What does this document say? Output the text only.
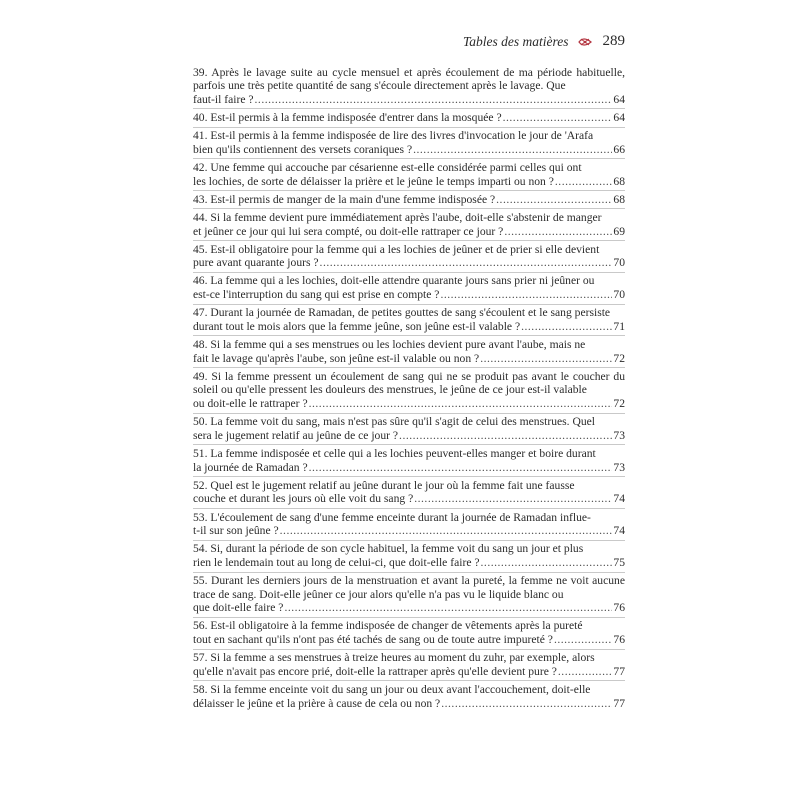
Tables des matières 289
39. Après le lavage suite au cycle mensuel et après écoulement de ma période habituelle, parfois une très petite quantité de sang s'écoule directement après le lavage. Que
faut-il faire ? .....	64
40. Est-il permis à la femme indisposée d'entrer dans la mosquée ? .....	64
41. Est-il permis à la femme indisposée de lire des livres d'invocation le jour de 'Arafa
bien qu'ils contiennent des versets coraniques ? .....	66
42. Une femme qui accouche par césarienne est-elle considérée parmi celles qui ont
les lochies, de sorte de délaisser la prière et le jeûne le temps imparti ou non ? .....	68
43. Est-il permis de manger de la main d'une femme indisposée ? .....	68
44. Si la femme devient pure immédiatement après l'aube, doit-elle s'abstenir de manger
et jeûner ce jour qui lui sera compté, ou doit-elle rattraper ce jour ? .....	69
45. Est-il obligatoire pour la femme qui a les lochies de jeûner et de prier si elle devient
pure avant quarante jours ? .....	70
46. La femme qui a les lochies, doit-elle attendre quarante jours sans prier ni jeûner ou
est-ce l'interruption du sang qui est prise en compte ? .....	70
47. Durant la journée de Ramadan, de petites gouttes de sang s'écoulent et le sang persiste
durant tout le mois alors que la femme jeûne, son jeûne est-il valable ? .....	71
48. Si la femme qui a ses menstrues ou les lochies devient pure avant l'aube, mais ne
fait le lavage qu'après l'aube, son jeûne est-il valable ou non ? .....	72
49. Si la femme pressent un écoulement de sang qui ne se produit pas avant le coucher du soleil ou qu'elle pressent les douleurs des menstrues, le jeûne de ce jour est-il valable
ou doit-elle le rattraper ? .....	72
50. La femme voit du sang, mais n'est pas sûre qu'il s'agit de celui des menstrues. Quel
sera le jugement relatif au jeûne de ce jour ? .....	73
51. La femme indisposée et celle qui a les lochies peuvent-elles manger et boire durant
la journée de Ramadan ? .....	73
52. Quel est le jugement relatif au jeûne durant le jour où la femme fait une fausse
couche et durant les jours où elle voit du sang ? .....	74
53. L'écoulement de sang d'une femme enceinte durant la journée de Ramadan influe-
t-il sur son jeûne ? .....	74
54. Si, durant la période de son cycle habituel, la femme voit du sang un jour et plus
rien le lendemain tout au long de celui-ci, que doit-elle faire ? .....	75
55. Durant les derniers jours de la menstruation et avant la pureté, la femme ne voit aucune trace de sang. Doit-elle jeûner ce jour alors qu'elle n'a pas vu le liquide blanc ou
que doit-elle faire ? .....	76
56. Est-il obligatoire à la femme indisposée de changer de vêtements après la pureté
tout en sachant qu'ils n'ont pas été tachés de sang ou de toute autre impureté ? .....	76
57. Si la femme a ses menstrues à treize heures au moment du zuhr, par exemple, alors
qu'elle n'avait pas encore prié, doit-elle la rattraper après qu'elle devient pure ? .....	77
58. Si la femme enceinte voit du sang un jour ou deux avant l'accouchement, doit-elle
délaisser le jeûne et la prière à cause de cela ou non ? .....	77
